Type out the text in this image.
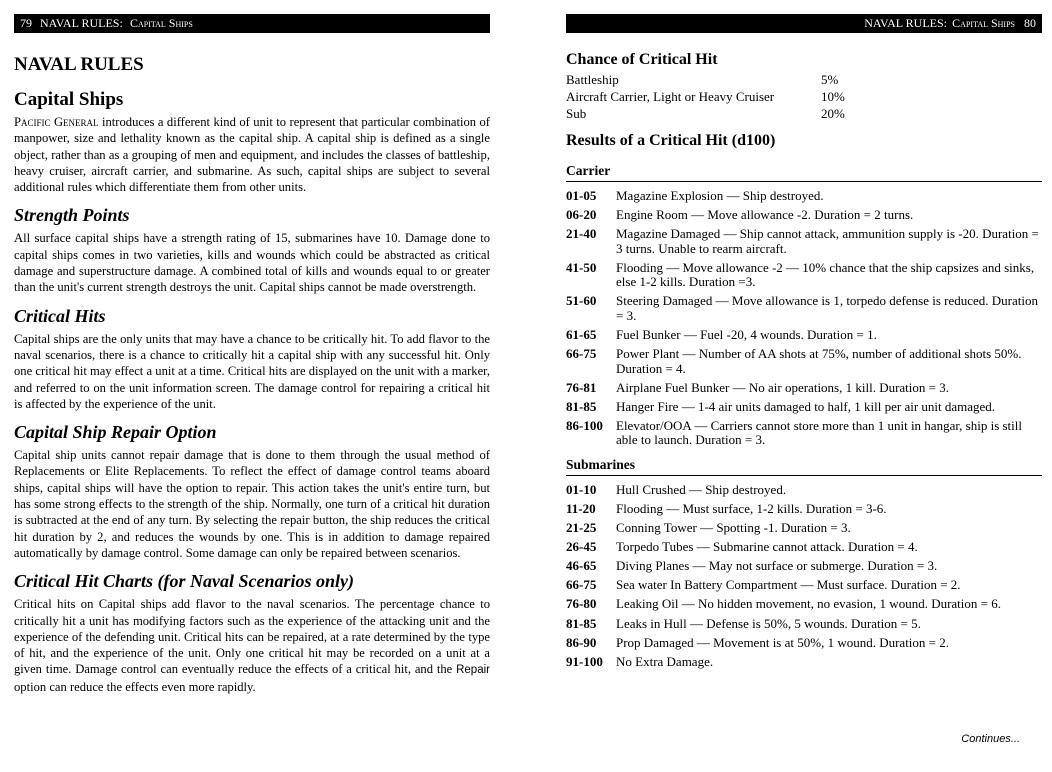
79 NAVAL RULES: Capital Ships
NAVAL RULES
Capital Ships

Pacific General introduces a different kind of unit to represent that particular combination of manpower, size and lethality known as the capital ship. A capital ship is defined as a single object, rather than as a grouping of men and equipment, and includes the classes of battleship, heavy cruiser, aircraft carrier, and submarine. As such, capital ships are subject to several additional rules which differentiate them from other units.

Strength Points

All surface capital ships have a strength rating of 15, submarines have 10. Damage done to capital ships comes in two varieties, kills and wounds which could be abstracted as critical damage and superstructure damage. A combined total of kills and wounds equal to or greater than the unit's current strength destroys the unit. Capital ships cannot be made overstrength.

Critical Hits

Capital ships are the only units that may have a chance to be critically hit. To add flavor to the naval scenarios, there is a chance to critically hit a capital ship with any successful hit. Only one critical hit may effect a unit at a time. Critical hits are displayed on the unit with a marker, and referred to on the unit information screen. The damage control for repairing a critical hit is affected by the experience of the unit.

Capital Ship Repair Option

Capital ship units cannot repair damage that is done to them through the usual method of Replacements or Elite Replacements. To reflect the effect of damage control teams aboard ships, capital ships will have the option to repair. This action takes the unit's entire turn, but has some strong effects to the strength of the ship. Normally, one turn of a critical hit duration is subtracted at the end of any turn. By selecting the repair button, the ship reduces the critical hit duration by 2, and reduces the wounds by one. This is in addition to damage repaired automatically by damage control. Some damage can only be repaired between scenarios.

Critical Hit Charts (for Naval Scenarios only)

Critical hits on Capital ships add flavor to the naval scenarios. The percentage chance to critically hit a unit has modifying factors such as the experience of the attacking unit and the experience of the defending unit. Critical hits can be repaired, at a rate determined by the type of hit, and the experience of the unit. Only one critical hit may be recorded on a unit at a given time. Damage control can eventually reduce the effects of a critical hit, and the Repair option can reduce the effects even more rapidly.

NAVAL RULES: Capital Ships 80
Chance of Critical Hit
Battleship	5%
Aircraft Carrier, Light or Heavy Cruiser	10%
Sub	20%
Results of a Critical Hit (d100)
Carrier
01-05	Magazine Explosion — Ship destroyed.
06-20	Engine Room — Move allowance -2. Duration = 2 turns.
21-40	Magazine Damaged — Ship cannot attack, ammunition supply is -20. Duration = 3 turns. Unable to rearm aircraft.
41-50	Flooding — Move allowance -2 — 10% chance that the ship capsizes and sinks, else 1-2 kills. Duration =3.
51-60	Steering Damaged — Move allowance is 1, torpedo defense is reduced. Duration = 3.
61-65	Fuel Bunker — Fuel -20, 4 wounds. Duration = 1.
66-75	Power Plant — Number of AA shots at 75%, number of additional shots 50%. Duration = 4.
76-81	Airplane Fuel Bunker — No air operations, 1 kill. Duration = 3.
81-85	Hanger Fire — 1-4 air units damaged to half, 1 kill per air unit damaged.
86-100	Elevator/OOA — Carriers cannot store more than 1 unit in hangar, ship is still able to launch. Duration = 3.
Submarines
01-10	Hull Crushed — Ship destroyed.
11-20	Flooding — Must surface, 1-2 kills. Duration = 3-6.
21-25	Conning Tower — Spotting -1. Duration = 3.
26-45	Torpedo Tubes — Submarine cannot attack. Duration = 4.
46-65	Diving Planes — May not surface or submerge. Duration = 3.
66-75	Sea water In Battery Compartment — Must surface. Duration = 2.
76-80	Leaking Oil — No hidden movement, no evasion, 1 wound. Duration = 6.
81-85	Leaks in Hull — Defense is 50%, 5 wounds. Duration = 5.
86-90	Prop Damaged — Movement is at 50%, 1 wound. Duration = 2.
91-100	No Extra Damage.
Continues...
